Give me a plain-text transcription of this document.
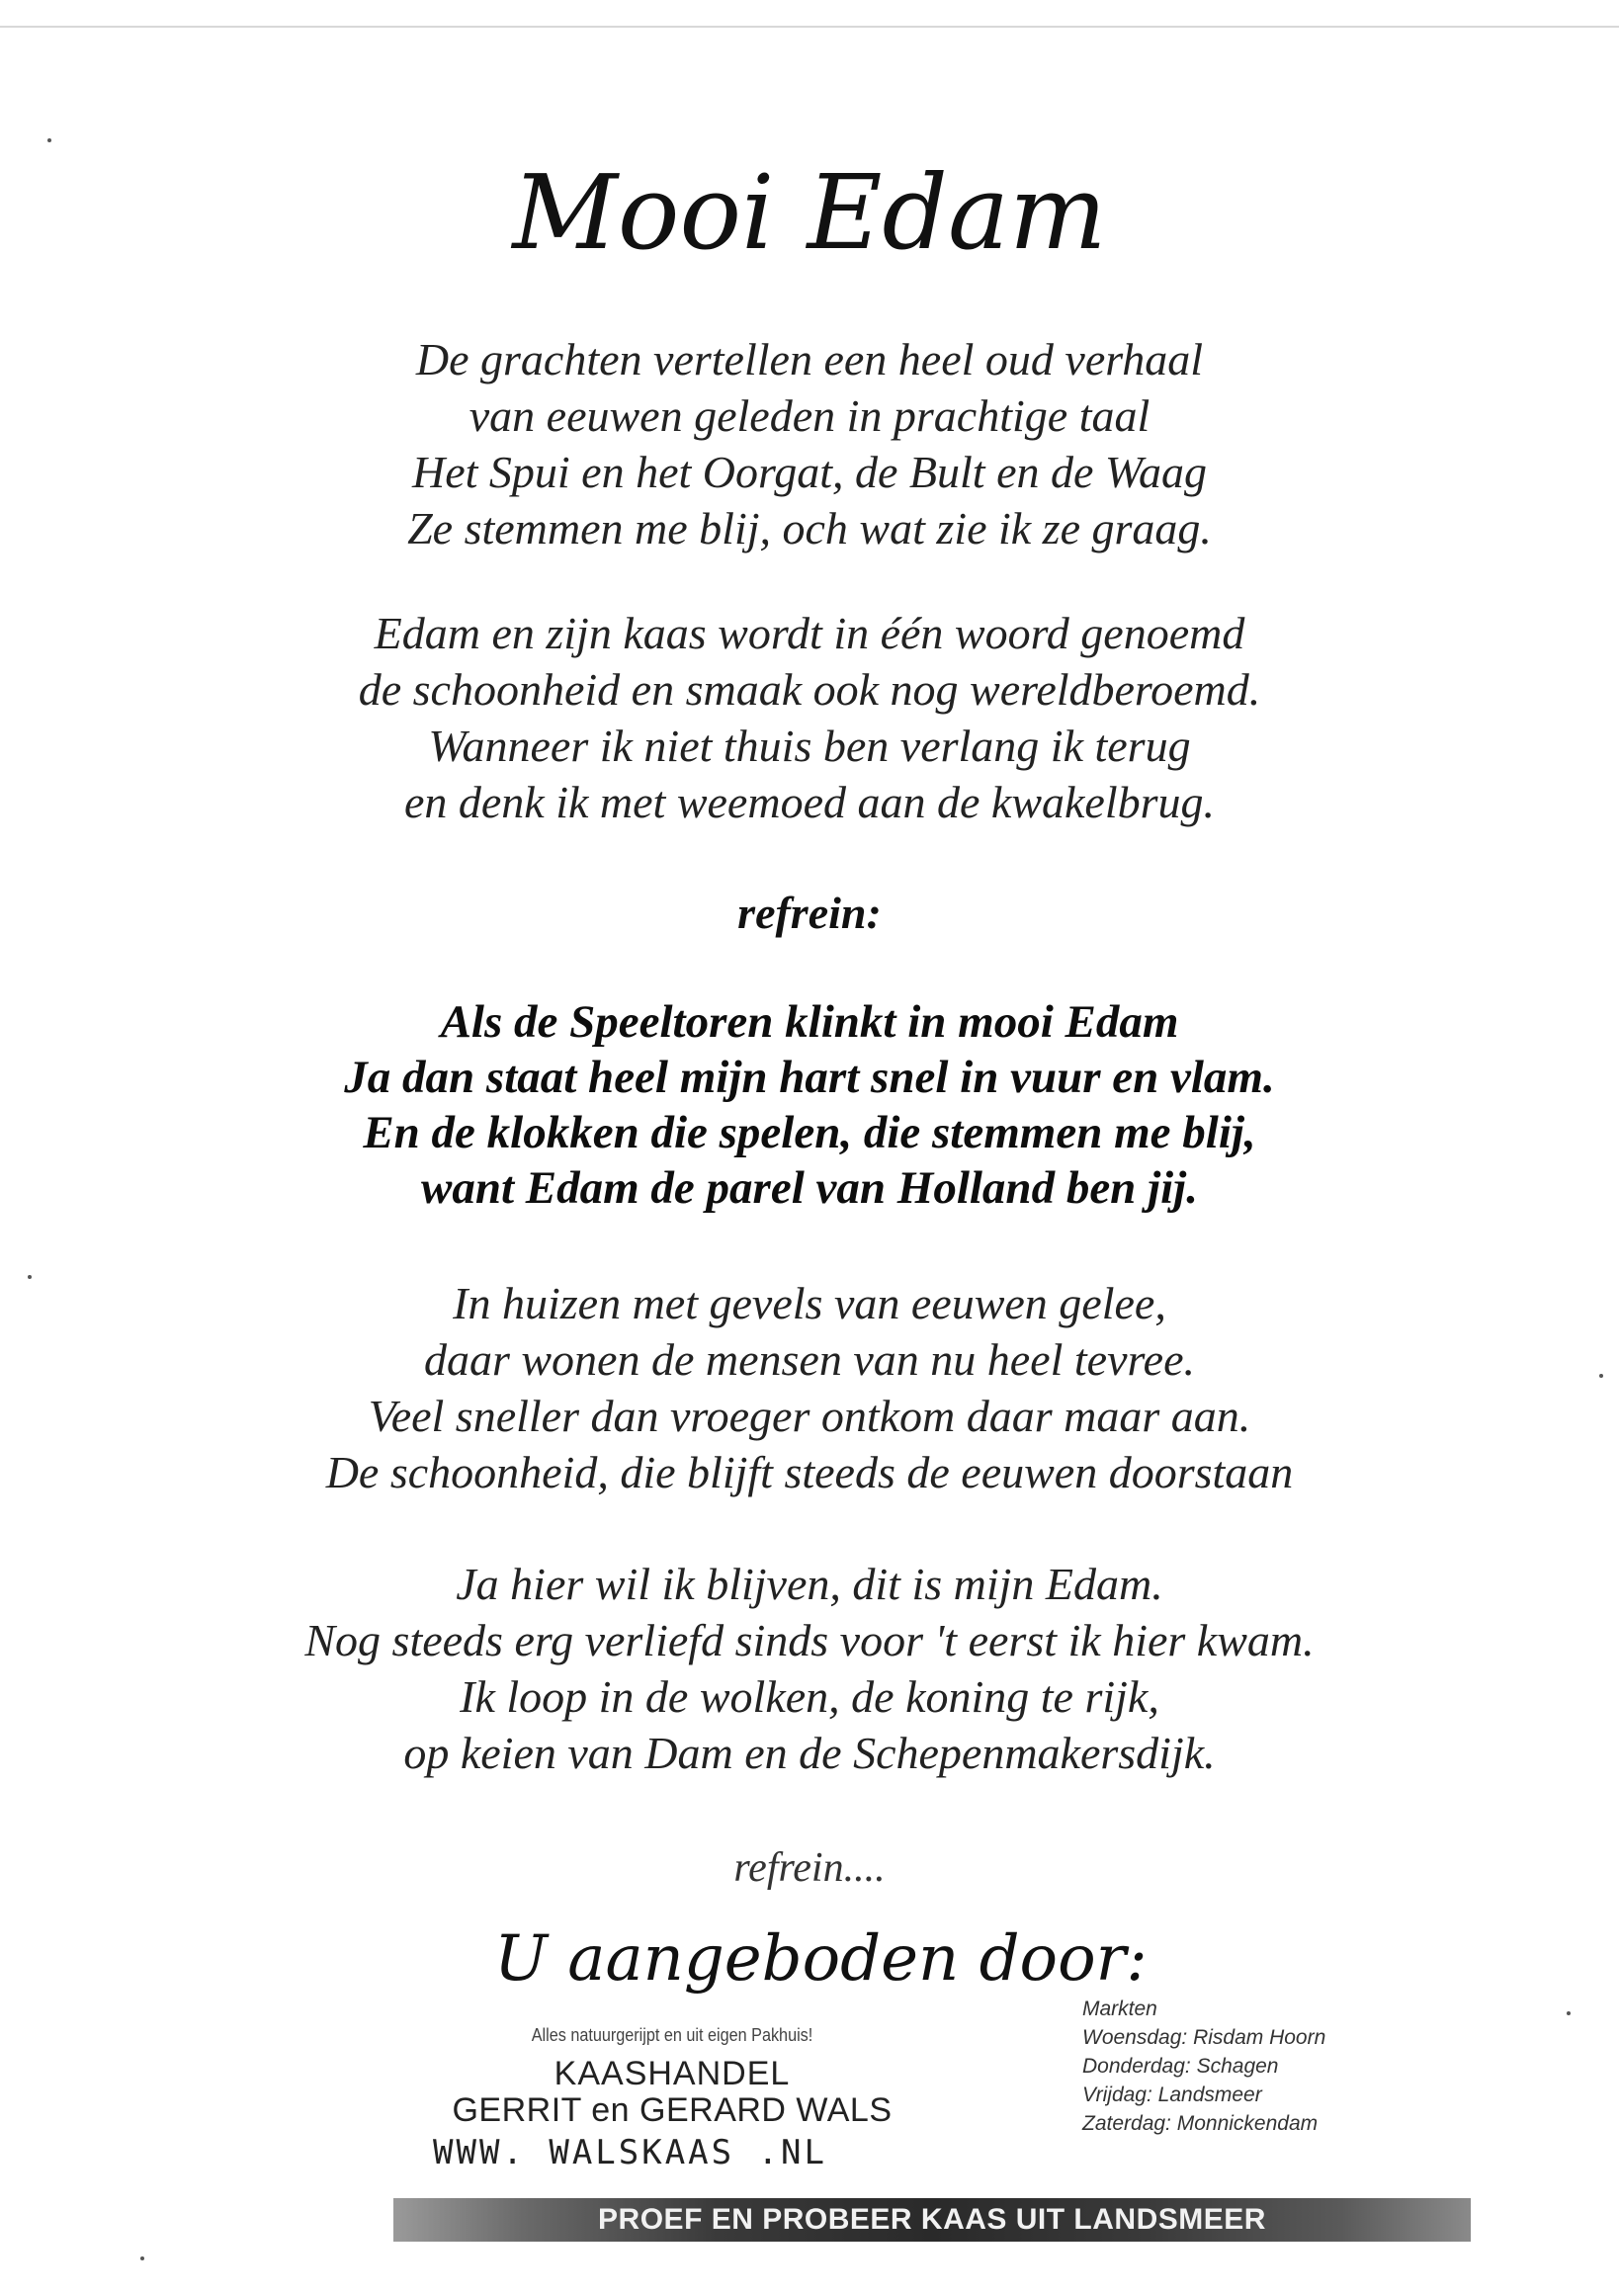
Mooi Edam
De grachten vertellen een heel oud verhaal
van eeuwen geleden in prachtige taal
Het Spui en het Oorgat, de Bult en de Waag
Ze stemmen me blij, och wat zie ik ze graag.
Edam en zijn kaas wordt in één woord genoemd
de schoonheid en smaak ook nog wereldberoemd.
Wanneer ik niet thuis ben verlang ik terug
en denk ik met weemoed aan de kwakelbrug.
refrein:
Als de Speeltoren klinkt in mooi Edam
Ja dan staat heel mijn hart snel in vuur en vlam.
En de klokken die spelen, die stemmen me blij,
want Edam de parel van Holland ben jij.
In huizen met gevels van eeuwen gelee,
daar wonen de mensen van nu heel tevree.
Veel sneller dan vroeger ontkom daar maar aan.
De schoonheid, die blijft steeds de eeuwen doorstaan
Ja hier wil ik blijven, dit is mijn Edam.
Nog steeds erg verliefd sinds voor 't eerst ik hier kwam.
Ik loop in de wolken, de koning te rijk,
op keien van Dam en de Schepenmakersdijk.
refrein....
U aangeboden door:
Alles natuurgerijpt en uit eigen Pakhuis!
KAASHANDEL
GERRIT en GERARD WALS
WWW. WALSKAAS .NL
Markten
Woensdag: Risdam Hoorn
Donderdag: Schagen
Vrijdag: Landsmeer
Zaterdag: Monnickendam
PROEF EN PROBEER KAAS UIT LANDSMEER
